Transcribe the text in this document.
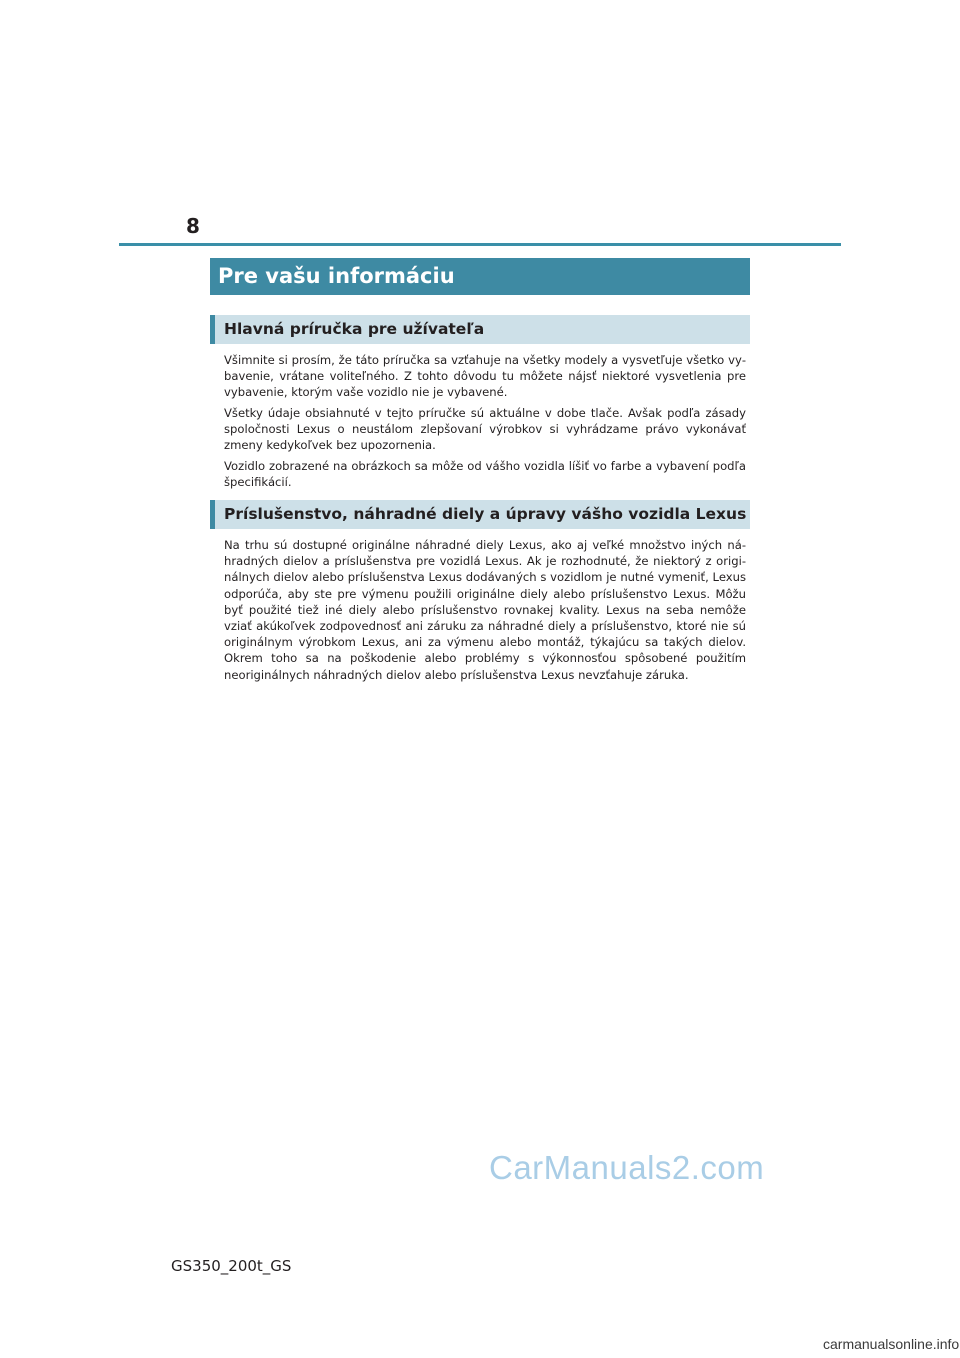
8
Pre vašu informáciu
Hlavná príručka pre užívateľa

Všimnite si prosím, že táto príručka sa vzťahuje na všetky modely a vysvetľuje všetko vybavenie, vrátane voliteľného. Z tohto dôvodu tu môžete nájsť niektoré vysvetlenia pre vybavenie, ktorým vaše vozidlo nie je vybavené.

Všetky údaje obsiahnuté v tejto príručke sú aktuálne v dobe tlače. Avšak podľa zásady spoločnosti Lexus o neustálom zlepšovaní výrobkov si vyhrádzame právo vykonávať zmeny kedykoľvek bez upozornenia.

Vozidlo zobrazené na obrázkoch sa môže od vášho vozidla líšiť vo farbe a vybavení podľa špecifikácií.

Príslušenstvo, náhradné diely a úpravy vášho vozidla Lexus

Na trhu sú dostupné originálne náhradné diely Lexus, ako aj veľké množstvo iných náhradných dielov a príslušenstva pre vozidlá Lexus. Ak je rozhodnuté, že niektorý z originálnych dielov alebo príslušenstva Lexus dodávaných s vozidlom je nutné vymeniť, Lexus odporúča, aby ste pre výmenu použili originálne diely alebo príslušenstvo Lexus. Môžu byť použité tiež iné diely alebo príslušenstvo rovnakej kvality. Lexus na seba nemôže vziať akúkoľvek zodpovednosť ani záruku za náhradné diely a príslušenstvo, ktoré nie sú originálnym výrobkom Lexus, ani za výmenu alebo montáž, týkajúcu sa takých dielov. Okrem toho sa na poškodenie alebo problémy s výkonnosťou spôsobené použitím neoriginálnych náhradných dielov alebo príslušenstva Lexus nevzťahuje záruka.

CarManuals2.com
GS350_200t_GS
carmanualsonline.info
